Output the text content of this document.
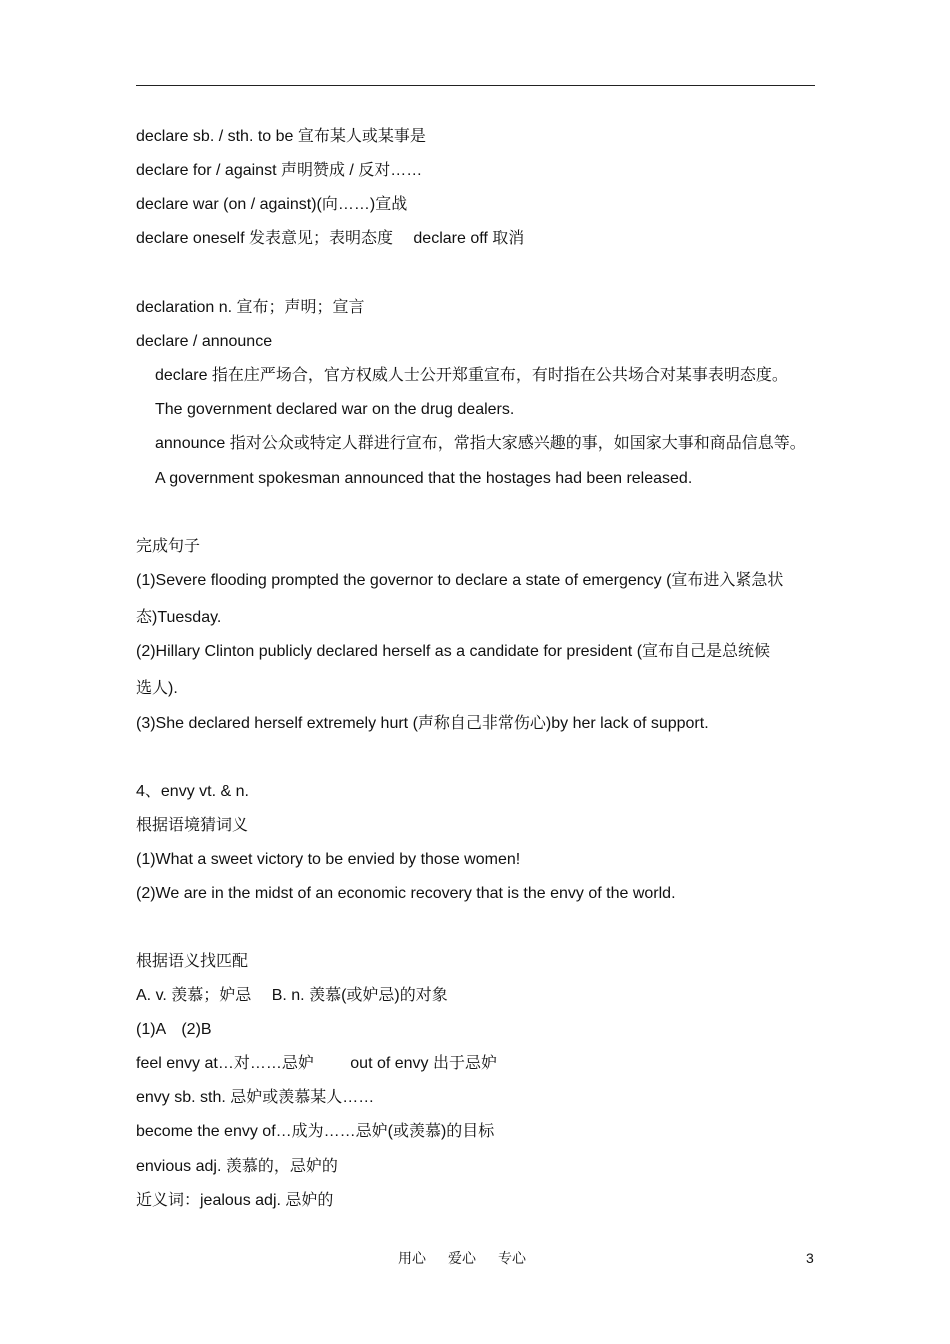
declare sb. / sth. to be 宣布某人或某事是
declare for / against 声明赞成 / 反对……
declare war (on / against)(向……)宣战
declare oneself 发表意见；表明态度　 declare off 取消
declaration n. 宣布；声明；宣言
declare / announce
declare 指在庄严场合，官方权威人士公开郑重宣布，有时指在公共场合对某事表明态度。
The government declared war on the drug dealers.
announce 指对公众或特定人群进行宣布，常指大家感兴趣的事，如国家大事和商品信息等。
A government spokesman announced that the hostages had been released.
完成句子
(1)Severe flooding prompted the governor to declare a state of emergency (宣布进入紧急状
态)Tuesday.
(2)Hillary Clinton publicly declared herself as a candidate for president (宣布自己是总统候
选人).
(3)She declared herself extremely hurt (声称自己非常伤心)by her lack of support.
4、envy vt. & n.
根据语境猜词义
(1)What a sweet victory to be envied by those women!
(2)We are in the midst of an economic recovery that is the envy of the world.
根据语义找匹配
A. v. 羡慕；妒忌　 B. n. 羡慕(或妒忌)的对象
(1)A　(2)B
feel envy at…对……忌妒　　 out of envy 出于忌妒
envy sb. sth. 忌妒或羡慕某人……
become the envy of…成为……忌妒(或羡慕)的目标
envious adj. 羡慕的，忌妒的
近义词：jealous adj. 忌妒的
用心 爱心 专心	3
